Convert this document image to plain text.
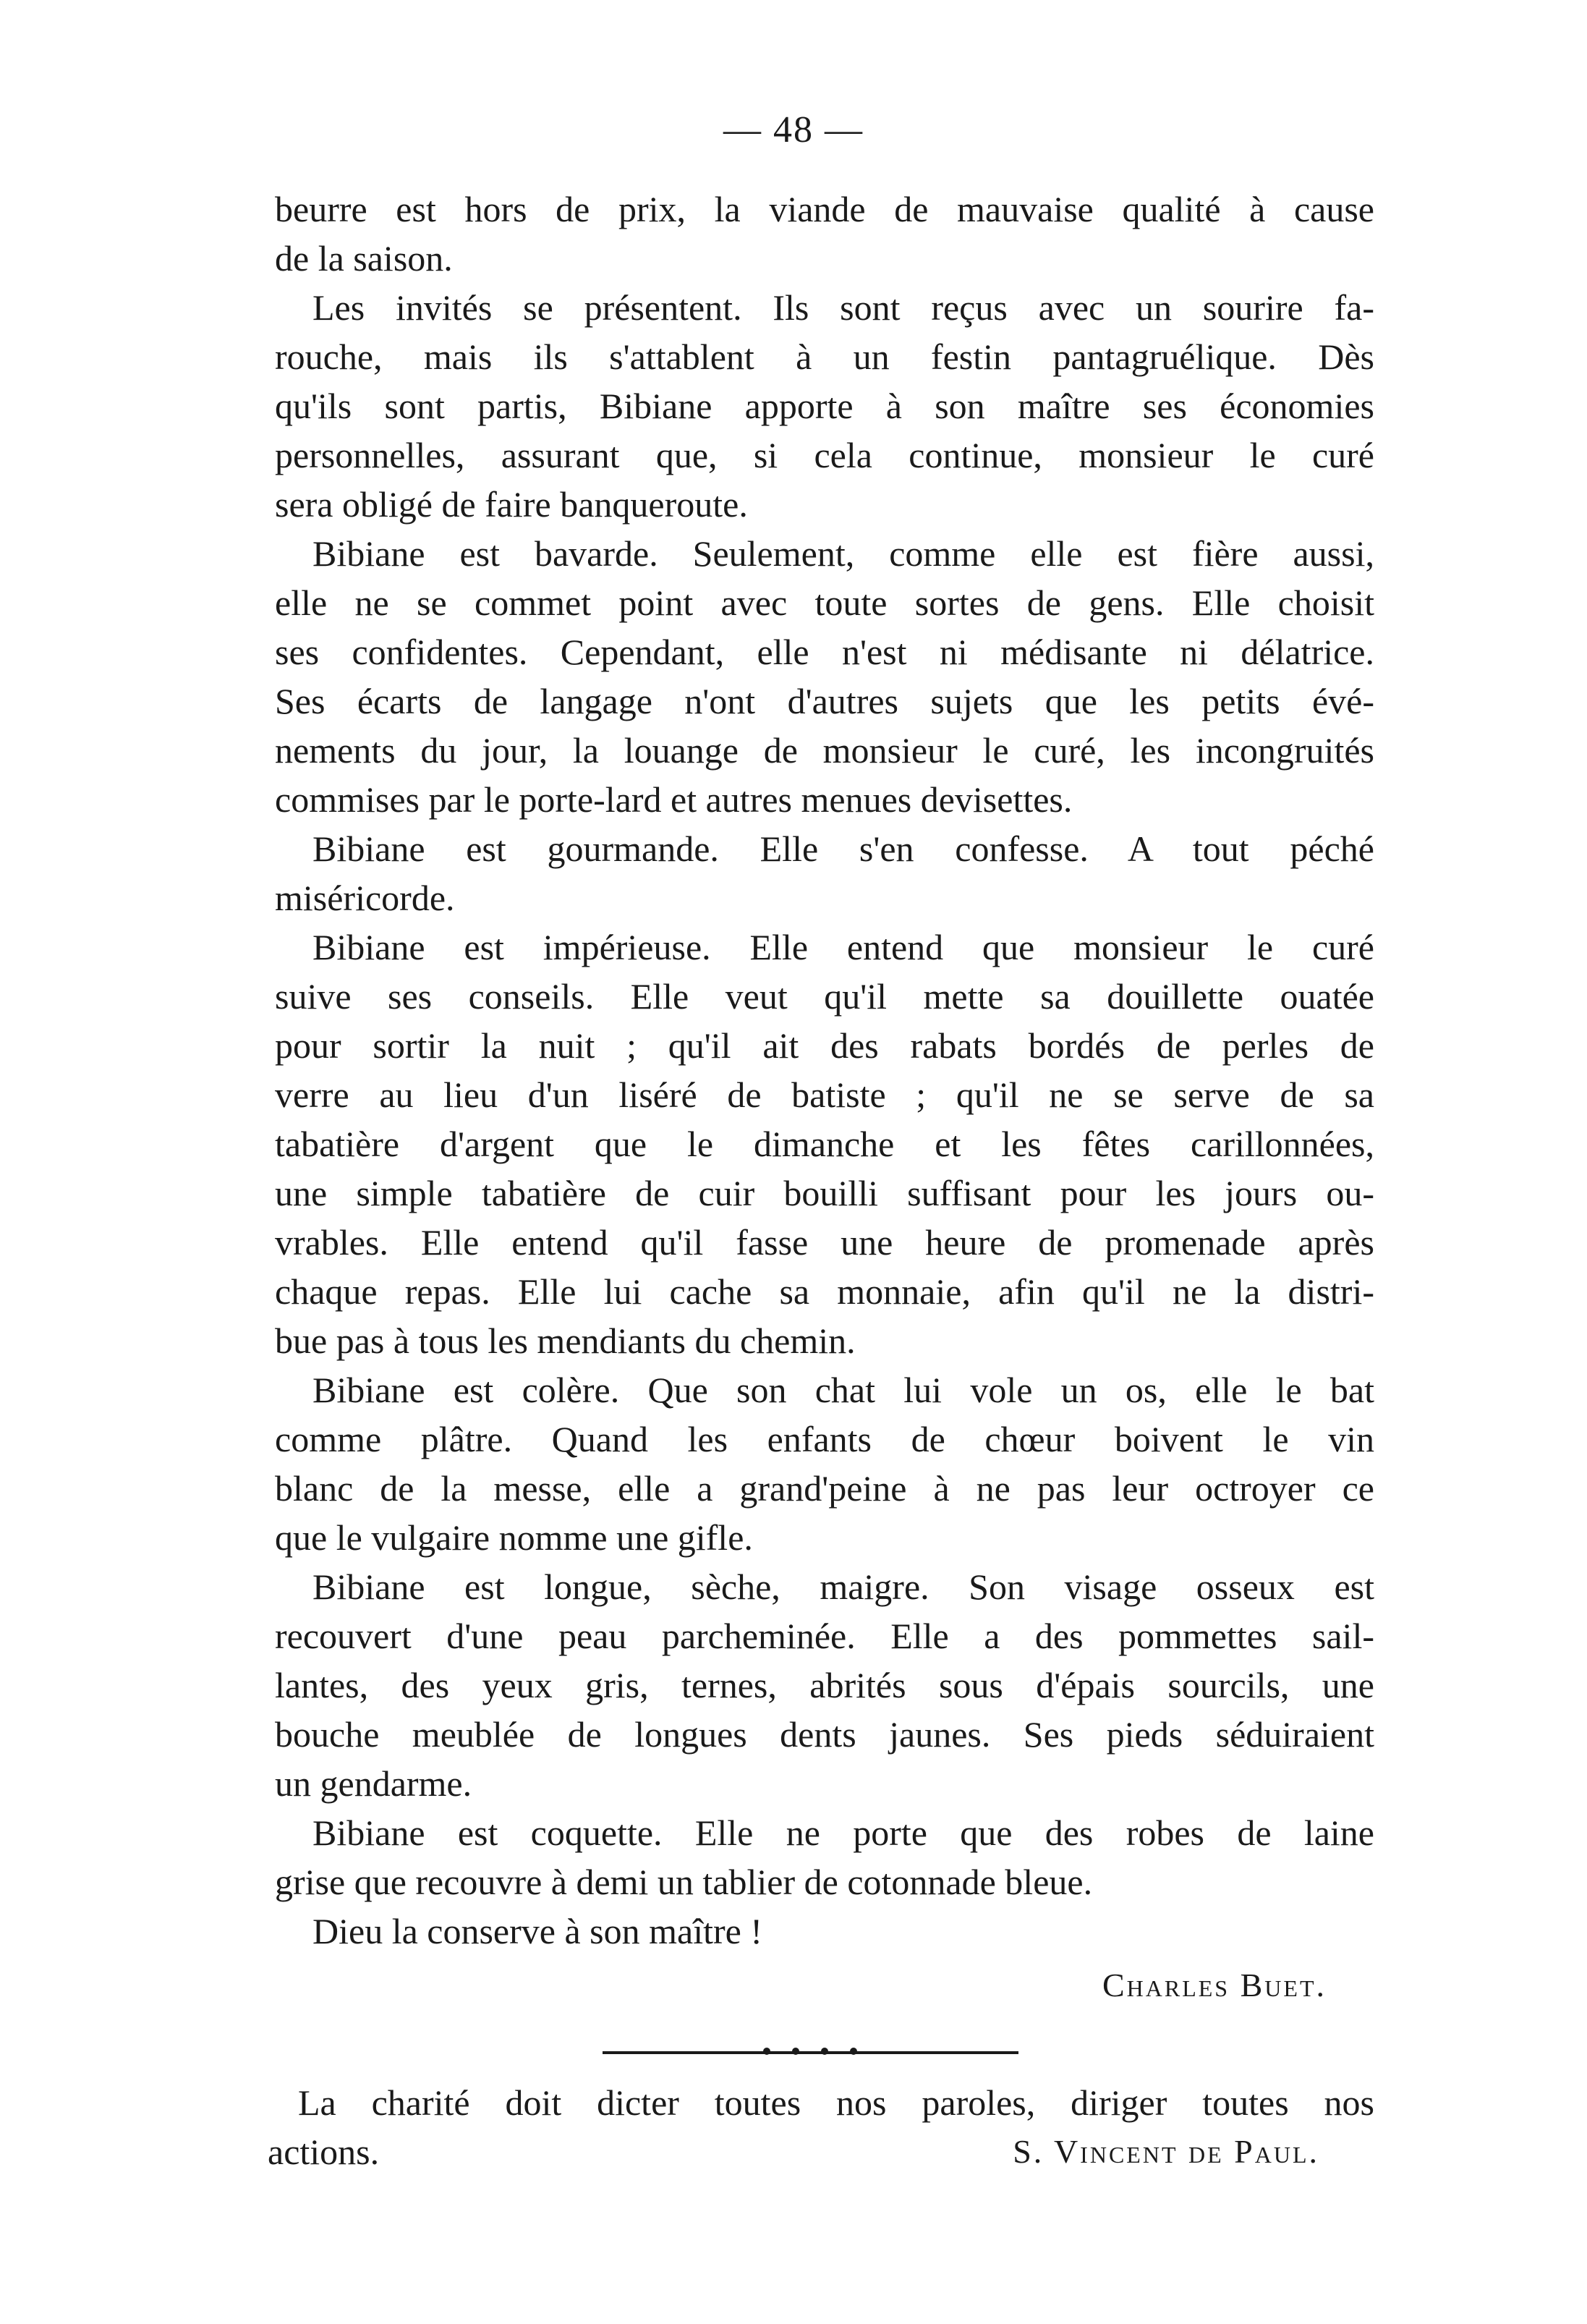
— 48 —
beurre est hors de prix, la viande de mauvaise qualité à cause
de la saison.
Les invités se présentent. Ils sont reçus avec un sourire fa-
rouche, mais ils s'attablent à un festin pantagruélique. Dès
qu'ils sont partis, Bibiane apporte à son maître ses économies
personnelles, assurant que, si cela continue, monsieur le curé
sera obligé de faire banqueroute.
Bibiane est bavarde. Seulement, comme elle est fière aussi,
elle ne se commet point avec toute sortes de gens. Elle choisit
ses confidentes. Cependant, elle n'est ni médisante ni délatrice.
Ses écarts de langage n'ont d'autres sujets que les petits évé-
nements du jour, la louange de monsieur le curé, les incongruités
commises par le porte-lard et autres menues devisettes.
Bibiane est gourmande. Elle s'en confesse. A tout péché
miséricorde.
Bibiane est impérieuse. Elle entend que monsieur le curé
suive ses conseils. Elle veut qu'il mette sa douillette ouatée
pour sortir la nuit ; qu'il ait des rabats bordés de perles de
verre au lieu d'un liséré de batiste ; qu'il ne se serve de sa
tabatière d'argent que le dimanche et les fêtes carillonnées,
une simple tabatière de cuir bouilli suffisant pour les jours ou-
vrables. Elle entend qu'il fasse une heure de promenade après
chaque repas. Elle lui cache sa monnaie, afin qu'il ne la distri-
bue pas à tous les mendiants du chemin.
Bibiane est colère. Que son chat lui vole un os, elle le bat
comme plâtre. Quand les enfants de chœur boivent le vin
blanc de la messe, elle a grand'peine à ne pas leur octroyer ce
que le vulgaire nomme une gifle.
Bibiane est longue, sèche, maigre. Son visage osseux est
recouvert d'une peau parcheminée. Elle a des pommettes sail-
lantes, des yeux gris, ternes, abrités sous d'épais sourcils, une
bouche meublée de longues dents jaunes. Ses pieds séduiraient
un gendarme.
Bibiane est coquette. Elle ne porte que des robes de laine
grise que recouvre à demi un tablier de cotonnade bleue.
Dieu la conserve à son maître !
Charles Buet.
La charité doit dicter toutes nos paroles, diriger toutes nos
actions.	S. Vincent de Paul.
